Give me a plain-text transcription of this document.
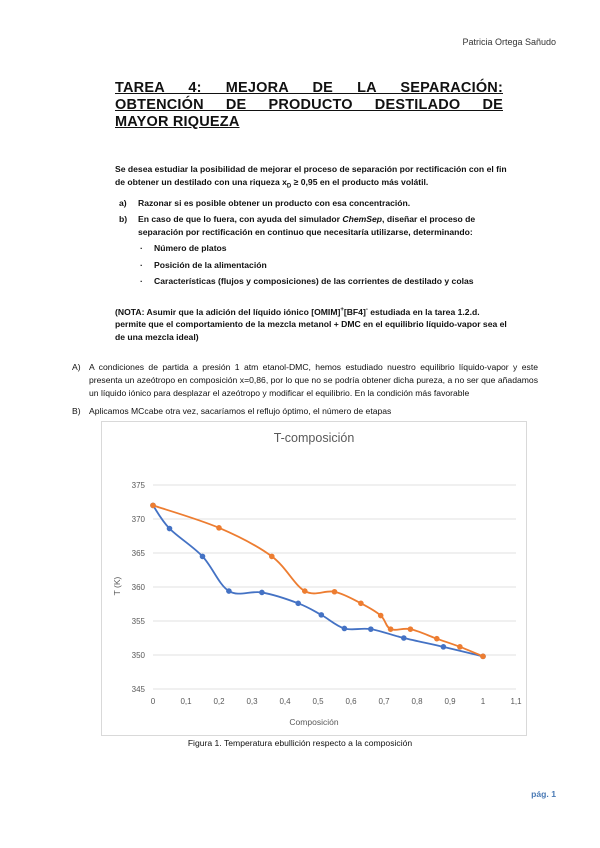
Patricia Ortega Sañudo
TAREA 4: MEJORA DE LA SEPARACIÓN:
OBTENCIÓN DE PRODUCTO DESTILADO DE
MAYOR RIQUEZA

Se desea estudiar la posibilidad de mejorar el proceso de separación por rectificación con el fin de obtener un destilado con una riqueza $x_D \ge 0,95$ en el producto más volátil.

a)	Razonar si es posible obtener un producto con esa concentración.
b)	En caso de que lo fuera, con ayuda del simulador ChemSep, diseñar el proceso de separación por rectificación en continuo que necesitaría utilizarse, determinando:
·	Número de platos
·	Posición de la alimentación
·	Características (flujos y composiciones) de las corrientes de destilado y colas

(NOTA: Asumir que la adición del líquido iónico [OMIM]+[BF4]- estudiada en la tarea 1.2.d. permite que el comportamiento de la mezcla metanol + DMC en el equilibrio líquido-vapor sea el de una mezcla ideal)

A) A condiciones de partida a presión 1 atm etanol-DMC, hemos estudiado nuestro equilibrio líquido-vapor y este presenta un azeótropo en composición x=0,86, por lo que no se podría obtener dicha pureza, a no ser que añadamos un líquido iónico para desplazar el azeótropo y modificar el equilibrio. En la condición más favorable
B) Aplicamos MCcabe otra vez, sacaríamos el reflujo óptimo, el número de etapas
T-composición
345
350
355
360
365
370
375
0	0,1	0,2	0,3	0,4	0,5	0,6	0,7	0,8	0,9	1	1,1
Composición
T (K)
Figura 1. Temperatura ebullición respecto a la composición
pág. 1
